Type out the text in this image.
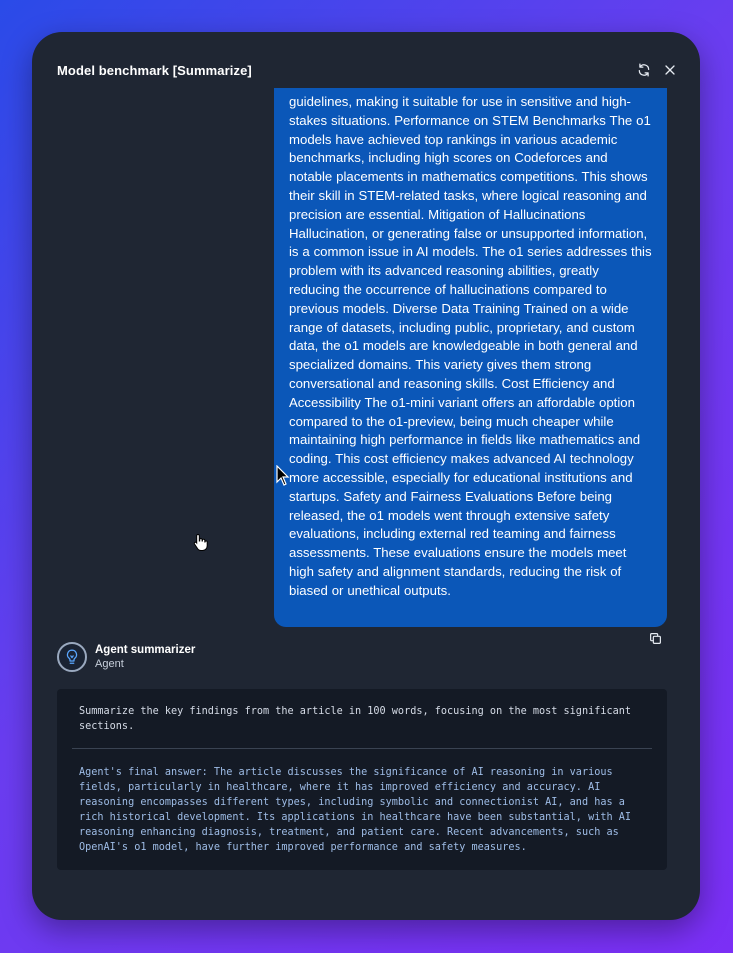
Model benchmark [Summarize]

guidelines, making it suitable for use in sensitive and high-stakes situations. Performance on STEM Benchmarks The o1 models have achieved top rankings in various academic benchmarks, including high scores on Codeforces and notable placements in mathematics competitions. This shows their skill in STEM-related tasks, where logical reasoning and precision are essential. Mitigation of Hallucinations Hallucination, or generating false or unsupported information, is a common issue in AI models. The o1 series addresses this problem with its advanced reasoning abilities, greatly reducing the occurrence of hallucinations compared to previous models. Diverse Data Training Trained on a wide range of datasets, including public, proprietary, and custom data, the o1 models are knowledgeable in both general and specialized domains. This variety gives them strong conversational and reasoning skills. Cost Efficiency and Accessibility The o1-mini variant offers an affordable option compared to the o1-preview, being much cheaper while maintaining high performance in fields like mathematics and coding. This cost efficiency makes advanced AI technology more accessible, especially for educational institutions and startups. Safety and Fairness Evaluations Before being released, the o1 models went through extensive safety evaluations, including external red teaming and fairness assessments. These evaluations ensure the models meet high safety and alignment standards, reducing the risk of biased or unethical outputs.

Agent summarizer
Agent
Summarize the key findings from the article in 100 words, focusing on the most significant sections.
Agent's final answer: The article discusses the significance of AI reasoning in various fields, particularly in healthcare, where it has improved efficiency and accuracy. AI reasoning encompasses different types, including symbolic and connectionist AI, and has a rich historical development. Its applications in healthcare have been substantial, with AI reasoning enhancing diagnosis, treatment, and patient care. Recent advancements, such as OpenAI's o1 model, have further improved performance and safety measures.
